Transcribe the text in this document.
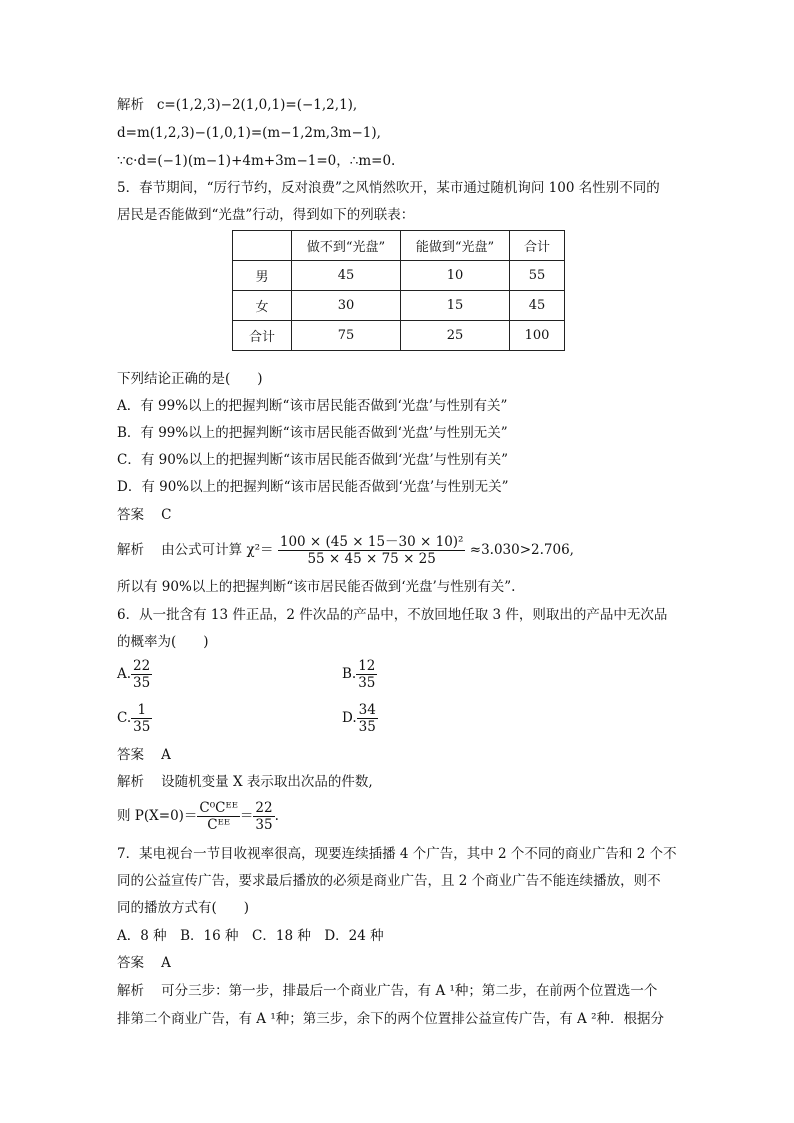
解析 c=(1,2,3)−2(1,0,1)=(−1,2,1),
d=m(1,2,3)−(1,0,1)=(m−1,2m,3m−1),
∵c·d=(−1)(m−1)+4m+3m−1=0，∴m=0.
5．春节期间，“厉行节约，反对浪费”之风悄然吹开，某市通过随机询问 100 名性别不同的
居民是否能做到“光盘”行动，得到如下的列联表：
	做不到“光盘”	能做到“光盘”	合计
男	45	10	55
女	30	15	45
合计	75	25	100
下列结论正确的是(　　)
A．有 99%以上的把握判断“该市居民能否做到‘光盘’与性别有关”
B．有 99%以上的把握判断“该市居民能否做到‘光盘’与性别无关”
C．有 90%以上的把握判断“该市居民能否做到‘光盘’与性别有关”
D．有 90%以上的把握判断“该市居民能否做到‘光盘’与性别无关”
答案 C
解析 由公式可计算 $\chi^2= \frac{\text{100 × (45 × 15－30 × 10)²}}{55 \times 45 \times 75 \times 25} \approx 3.030>2.706$,
所以有 90%以上的把握判断“该市居民能否做到‘光盘’与性别有关”.
6．从一批含有 13 件正品，2 件次品的产品中，不放回地任取 3 件，则取出的产品中无次品
的概率为(　　)
A. $\frac{22}{35}$	B. $\frac{12}{35}$
C. $\frac{1}{35}$	D. $\frac{34}{35}$
答案 A
解析 设随机变量 X 表示取出次品的件数,
则 $P(X=0)= \frac{\text{C⁰Cᴱᴱ}}{\text{Cᴱᴱ}} = \frac{22}{35}$ .
7．某电视台一节目收视率很高，现要连续插播 4 个广告，其中 2 个不同的商业广告和 2 个不
同的公益宣传广告，要求最后播放的必须是商业广告，且 2 个商业广告不能连续播放，则不
同的播放方式有(　　)
A．8 种　B．16 种　C．18 种　D．24 种
答案 A
解析 可分三步：第一步，排最后一个商业广告，有 A ¹种；第二步，在前两个位置选一个
排第二个商业广告，有 A ¹种；第三步，余下的两个位置排公益宣传广告，有 A ²种．根据分
